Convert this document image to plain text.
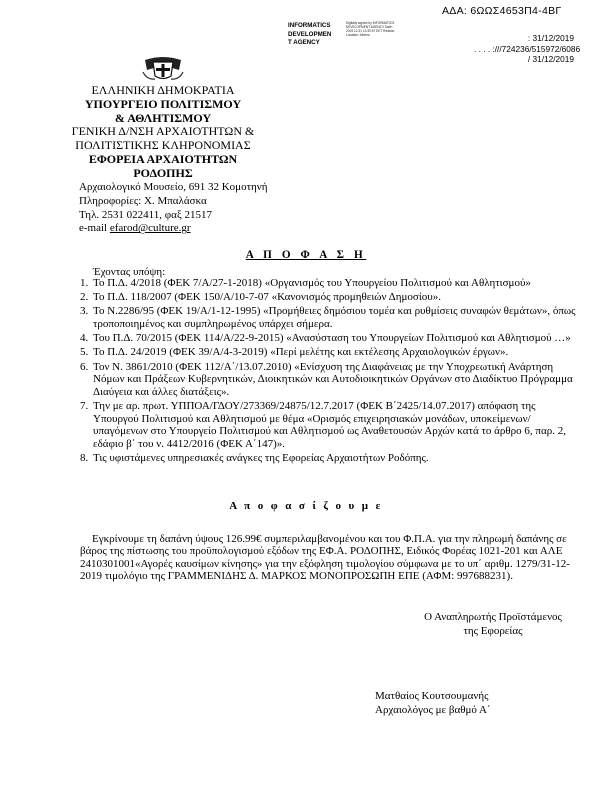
ΑΔΑ: 6ΩΩΣ4653Π4-4ΒΓ
INFORMATICS
DEVELOPMEN
T AGENCY
Digitally signed by INFORMATICS DEVELOPMENT AGENCY Date: 2019.12.31 13:39:57 EET Reason: Location: Athens	: 31/12/2019
. . . . :///724236/515972/6086
/ 31/12/2019
ΕΛΛΗΝΙΚΗ ΔΗΜΟΚΡΑΤΙΑ
ΥΠΟΥΡΓΕΙΟ ΠΟΛΙΤΙΣΜΟΥ
& ΑΘΛΗΤΙΣΜΟΥ
ΓΕΝΙΚΗ Δ/ΝΣΗ ΑΡΧΑΙΟΤΗΤΩΝ &
ΠΟΛΙΤΙΣΤΙΚΗΣ ΚΛΗΡΟΝΟΜΙΑΣ
ΕΦΟΡΕΙΑ ΑΡΧΑΙΟΤΗΤΩΝ
ΡΟΔΟΠΗΣ
Αρχαιολογικό Μουσείο, 691 32 Κομοτηνή
Πληροφορίες: Χ. Μπαλάσκα
Τηλ. 2531 022411, φαξ 21517
e-mail efarod@culture.gr
Α Π Ο Φ Α Σ Η
Έχοντας υπόψη:
1. Το Π.Δ. 4/2018 (ΦΕΚ 7/Α/27-1-2018) «Οργανισμός του Υπουργείου Πολιτισμού και Αθλητισμού»
2. Το Π.Δ. 118/2007 (ΦΕΚ 150/Α/10-7-07 «Κανονισμός προμηθειών Δημοσίου».
3. Το Ν.2286/95 (ΦΕΚ 19/Α/1-12-1995) «Προμήθειες δημόσιου τομέα και ρυθμίσεις συναφών θεμάτων», όπως τροποποιημένος και συμπληρωμένος υπάρχει σήμερα.
4. Του Π.Δ. 70/2015 (ΦΕΚ 114/Α/22-9-2015) «Ανασύσταση του Υπουργείων Πολιτισμού και Αθλητισμού …»
5. Το Π.Δ. 24/2019 (ΦΕΚ 39/Α/4-3-2019) «Περί μελέτης και εκτέλεσης Αρχαιολογικών έργων».
6. Τον Ν. 3861/2010 (ΦΕΚ 112/Α΄/13.07.2010) «Ενίσχυση της Διαφάνειας με την Υποχρεωτική Ανάρτηση Νόμων και Πράξεων Κυβερνητικών, Διοικητικών και Αυτοδιοικητικών Οργάνων στο Διαδίκτυο Πρόγραμμα Διαύγεια και άλλες διατάξεις».
7. Την με αρ. πρωτ. ΥΠΠΟΑ/ΓΔΟΥ/273369/24875/12.7.2017 (ΦΕΚ Β΄2425/14.07.2017) απόφαση της Υπουργού Πολιτισμού και Αθλητισμού με θέμα «Ορισμός επιχειρησιακών μονάδων, υποκείμενων/υπαγόμενων στο Υπουργείο Πολιτισμού και Αθλητισμού ως Αναθετουσών Αρχών κατά το άρθρο 6, παρ. 2, εδάφιο β΄ του ν. 4412/2016 (ΦΕΚ Α΄147)».
8. Τις υφιστάμενες υπηρεσιακές ανάγκες της Εφορείας Αρχαιοτήτων Ροδόπης.
Α π ο φ α σ ί ζ ο υ μ ε
Εγκρίνουμε τη δαπάνη ύψους 126.99€ συμπεριλαμβανομένου και του Φ.Π.Α. για την πληρωμή δαπάνης σε βάρος της πίστωσης του προϋπολογισμού εξόδων της ΕΦ.Α. ΡΟΔΟΠΗΣ, Ειδικός Φορέας 1021-201 και ΑΛΕ 2410301001«Αγορές καυσίμων κίνησης» για την εξόφληση τιμολογίου σύμφωνα με το υπ΄ αριθμ. 1279/31-12-2019 τιμολόγιο της ΓΡΑΜΜΕΝΙΔΗΣ Δ. ΜΑΡΚΟΣ ΜΟΝΟΠΡΟΣΩΠΗ ΕΠΕ (ΑΦΜ: 997688231).
Ο Αναπληρωτής Προϊστάμενος
της Εφορείας
Ματθαίος Κουτσουμανής
Αρχαιολόγος με βαθμό Α΄
